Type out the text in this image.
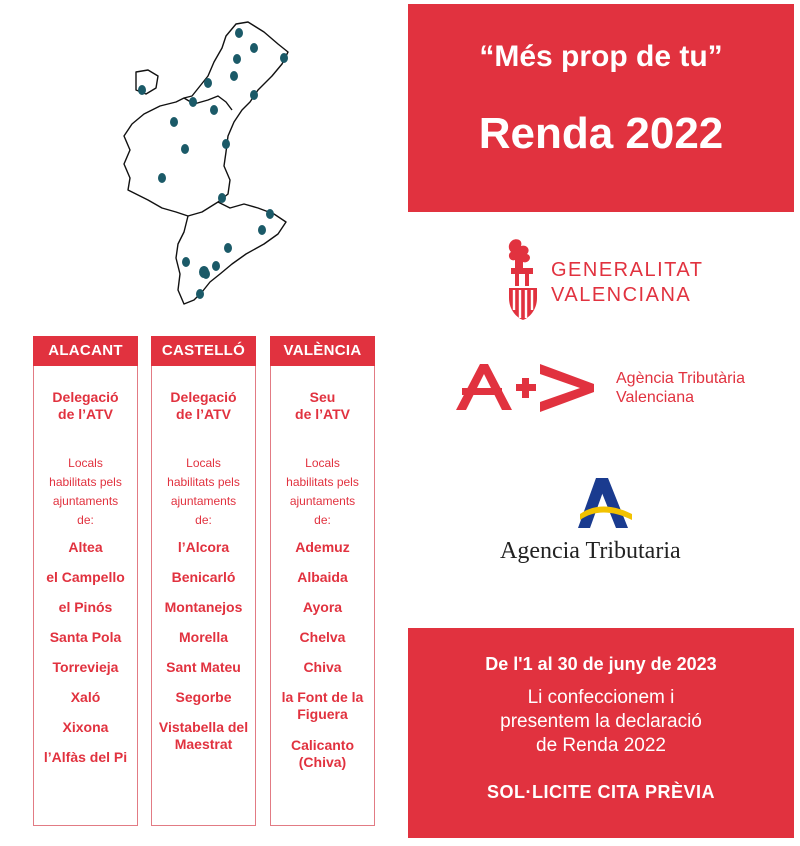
“Més prop de tu”
Renda 2022
GENERALITAT
VALENCIANA
Agència Tributària
Valenciana
Agencia Tributaria
ALACANT
Delegació
de l’ATV
Locals
habilitats pels
ajuntaments
de:
Altea
el Campello
el Pinós
Santa Pola
Torrevieja
Xaló
Xixona
l’Alfàs del Pi
CASTELLÓ
Delegació
de l’ATV
Locals
habilitats pels
ajuntaments
de:
l’Alcora
Benicarló
Montanejos
Morella
Sant Mateu
Segorbe
Vistabella del Maestrat
VALÈNCIA
Seu
de l’ATV
Locals
habilitats pels
ajuntaments
de:
Ademuz
Albaida
Ayora
Chelva
Chiva
la Font de la Figuera
Calicanto (Chiva)
De l'1 al 30 de juny de 2023
Li confeccionem i
presentem la declaració
de Renda 2022
SOL·LICITE CITA PRÈVIA
